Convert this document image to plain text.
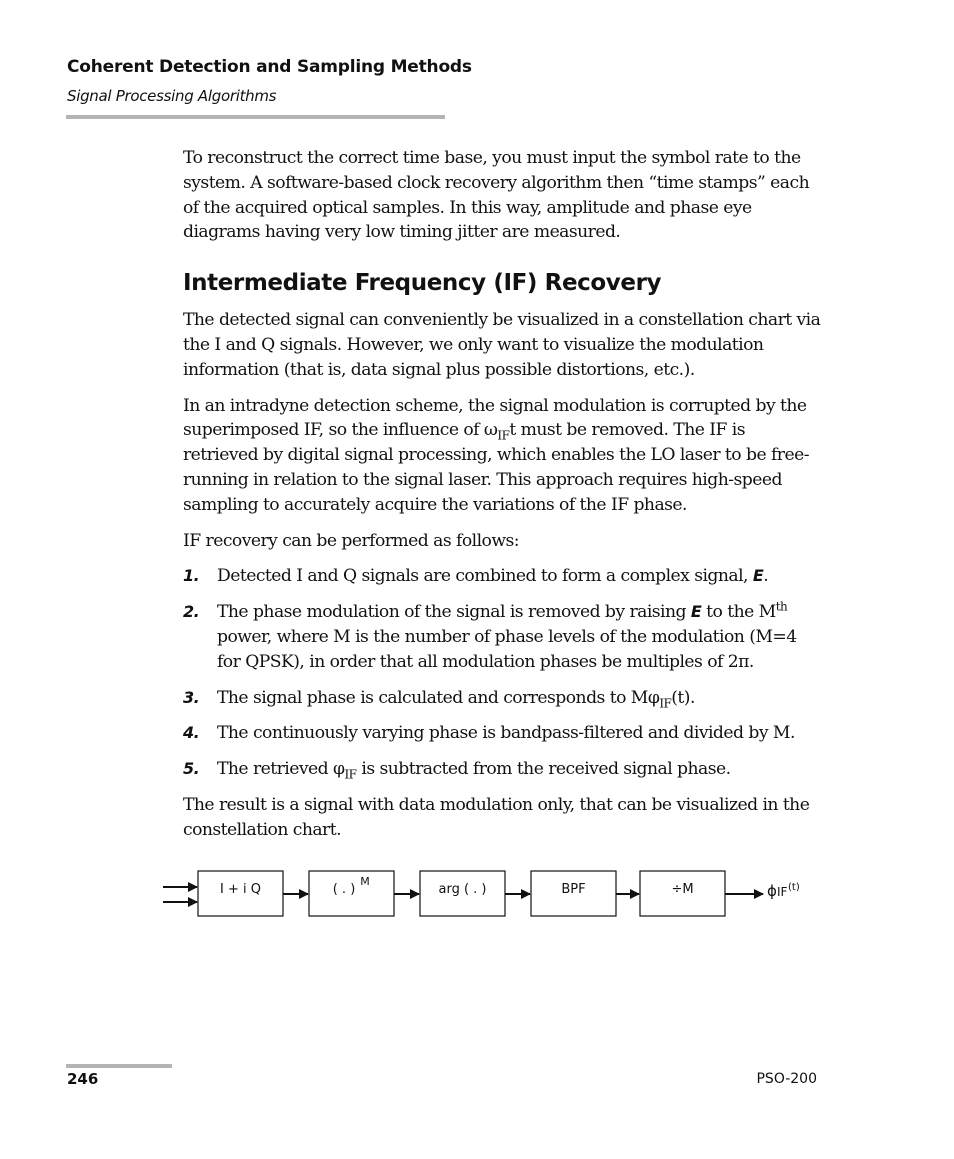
Coherent Detection and Sampling Methods
Signal Processing Algorithms

To reconstruct the correct time base, you must input the symbol rate to the system. A software-based clock recovery algorithm then “time stamps” each of the acquired optical samples. In this way, amplitude and phase eye diagrams having very low timing jitter are measured.

Intermediate Frequency (IF) Recovery

The detected signal can conveniently be visualized in a constellation chart via the I and Q signals. However, we only want to visualize the modulation information (that is, data signal plus possible distortions, etc.).

In an intradyne detection scheme, the signal modulation is corrupted by the superimposed IF, so the influence of $\omega_{IF}t$ must be removed. The IF is retrieved by digital signal processing, which enables the LO laser to be free-running in relation to the signal laser. This approach requires high-speed sampling to accurately acquire the variations of the IF phase.

IF recovery can be performed as follows:

1.	Detected I and Q signals are combined to form a complex signal, E.
2.	The phase modulation of the signal is removed by raising E to the Mth power, where M is the number of phase levels of the modulation (M=4 for QPSK), in order that all modulation phases be multiples of 2π.
3.	The signal phase is calculated and corresponds to $M\varphi_{IF}(t)$.
4.	The continuously varying phase is bandpass-filtered and divided by M.
5.	The retrieved $\varphi_{IF}$ is subtracted from the received signal phase.

The result is a signal with data modulation only, that can be visualized in the constellation chart.

I + i Q	( . )
M
arg ( . )	BPF	÷M	ϕ IF (t)
246	PSO-200
